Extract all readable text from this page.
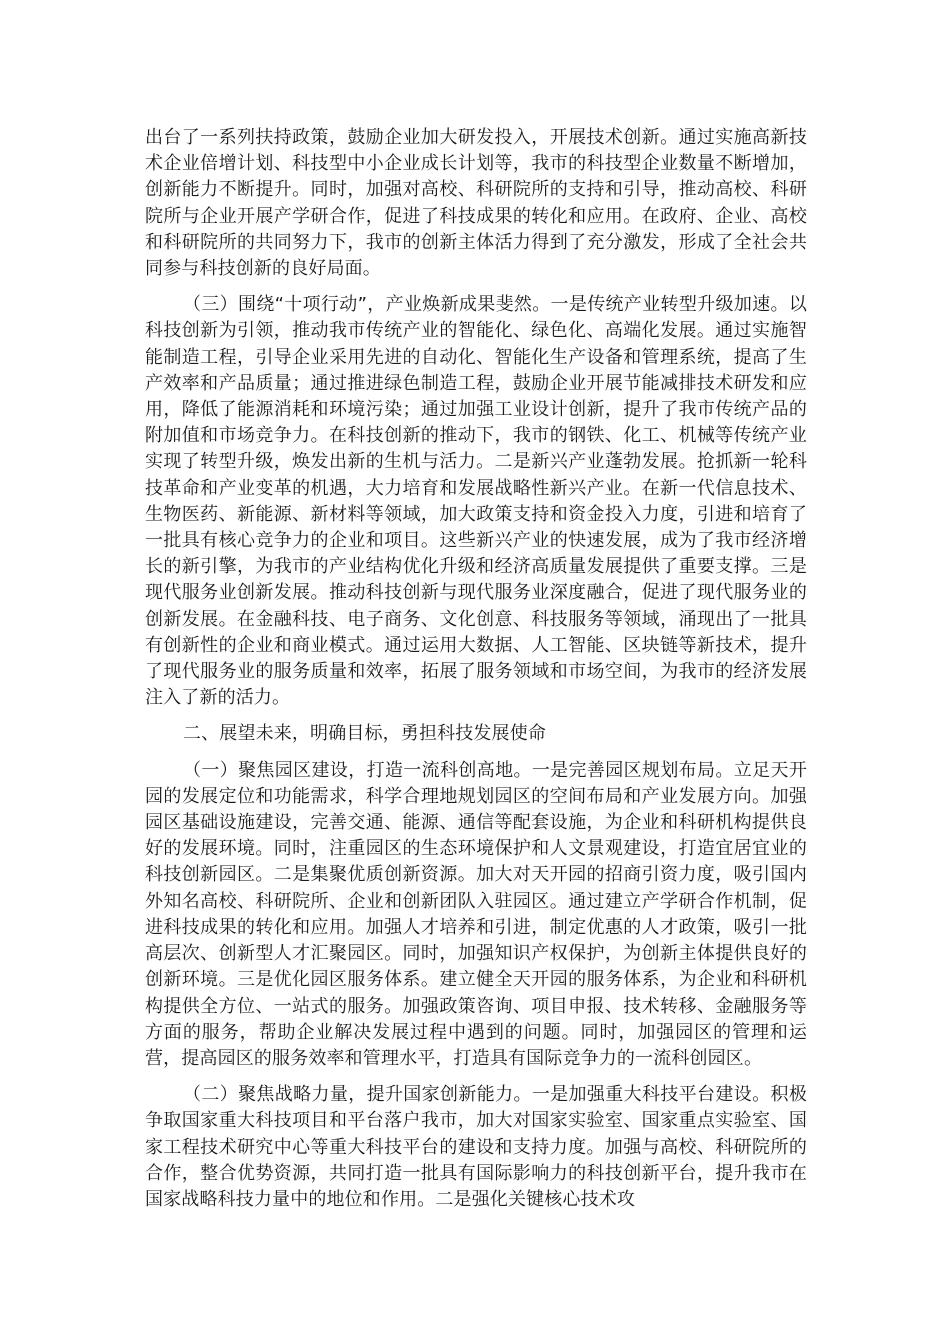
出台了一系列扶持政策，鼓励企业加大研发投入，开展技术创新。通过实施高新技术企业倍增计划、科技型中小企业成长计划等，我市的科技型企业数量不断增加，创新能力不断提升。同时，加强对高校、科研院所的支持和引导，推动高校、科研院所与企业开展产学研合作，促进了科技成果的转化和应用。在政府、企业、高校和科研院所的共同努力下，我市的创新主体活力得到了充分激发，形成了全社会共同参与科技创新的良好局面。

（三）围绕“十项行动”，产业焕新成果斐然。一是传统产业转型升级加速。以科技创新为引领，推动我市传统产业的智能化、绿色化、高端化发展。通过实施智能制造工程，引导企业采用先进的自动化、智能化生产设备和管理系统，提高了生产效率和产品质量；通过推进绿色制造工程，鼓励企业开展节能减排技术研发和应用，降低了能源消耗和环境污染；通过加强工业设计创新，提升了我市传统产品的附加值和市场竞争力。在科技创新的推动下，我市的钢铁、化工、机械等传统产业实现了转型升级，焕发出新的生机与活力。二是新兴产业蓬勃发展。抢抓新一轮科技革命和产业变革的机遇，大力培育和发展战略性新兴产业。在新一代信息技术、生物医药、新能源、新材料等领域，加大政策支持和资金投入力度，引进和培育了一批具有核心竞争力的企业和项目。这些新兴产业的快速发展，成为了我市经济增长的新引擎，为我市的产业结构优化升级和经济高质量发展提供了重要支撑。三是现代服务业创新发展。推动科技创新与现代服务业深度融合，促进了现代服务业的创新发展。在金融科技、电子商务、文化创意、科技服务等领域，涌现出了一批具有创新性的企业和商业模式。通过运用大数据、人工智能、区块链等新技术，提升了现代服务业的服务质量和效率，拓展了服务领域和市场空间，为我市的经济发展注入了新的活力。

二、展望未来，明确目标，勇担科技发展使命

（一）聚焦园区建设，打造一流科创高地。一是完善园区规划布局。立足天开园的发展定位和功能需求，科学合理地规划园区的空间布局和产业发展方向。加强园区基础设施建设，完善交通、能源、通信等配套设施，为企业和科研机构提供良好的发展环境。同时，注重园区的生态环境保护和人文景观建设，打造宜居宜业的科技创新园区。二是集聚优质创新资源。加大对天开园的招商引资力度，吸引国内外知名高校、科研院所、企业和创新团队入驻园区。通过建立产学研合作机制，促进科技成果的转化和应用。加强人才培养和引进，制定优惠的人才政策，吸引一批高层次、创新型人才汇聚园区。同时，加强知识产权保护，为创新主体提供良好的创新环境。三是优化园区服务体系。建立健全天开园的服务体系，为企业和科研机构提供全方位、一站式的服务。加强政策咨询、项目申报、技术转移、金融服务等方面的服务，帮助企业解决发展过程中遇到的问题。同时，加强园区的管理和运营，提高园区的服务效率和管理水平，打造具有国际竞争力的一流科创园区。

（二）聚焦战略力量，提升国家创新能力。一是加强重大科技平台建设。积极争取国家重大科技项目和平台落户我市，加大对国家实验室、国家重点实验室、国家工程技术研究中心等重大科技平台的建设和支持力度。加强与高校、科研院所的合作，整合优势资源，共同打造一批具有国际影响力的科技创新平台，提升我市在国家战略科技力量中的地位和作用。二是强化关键核心技术攻
